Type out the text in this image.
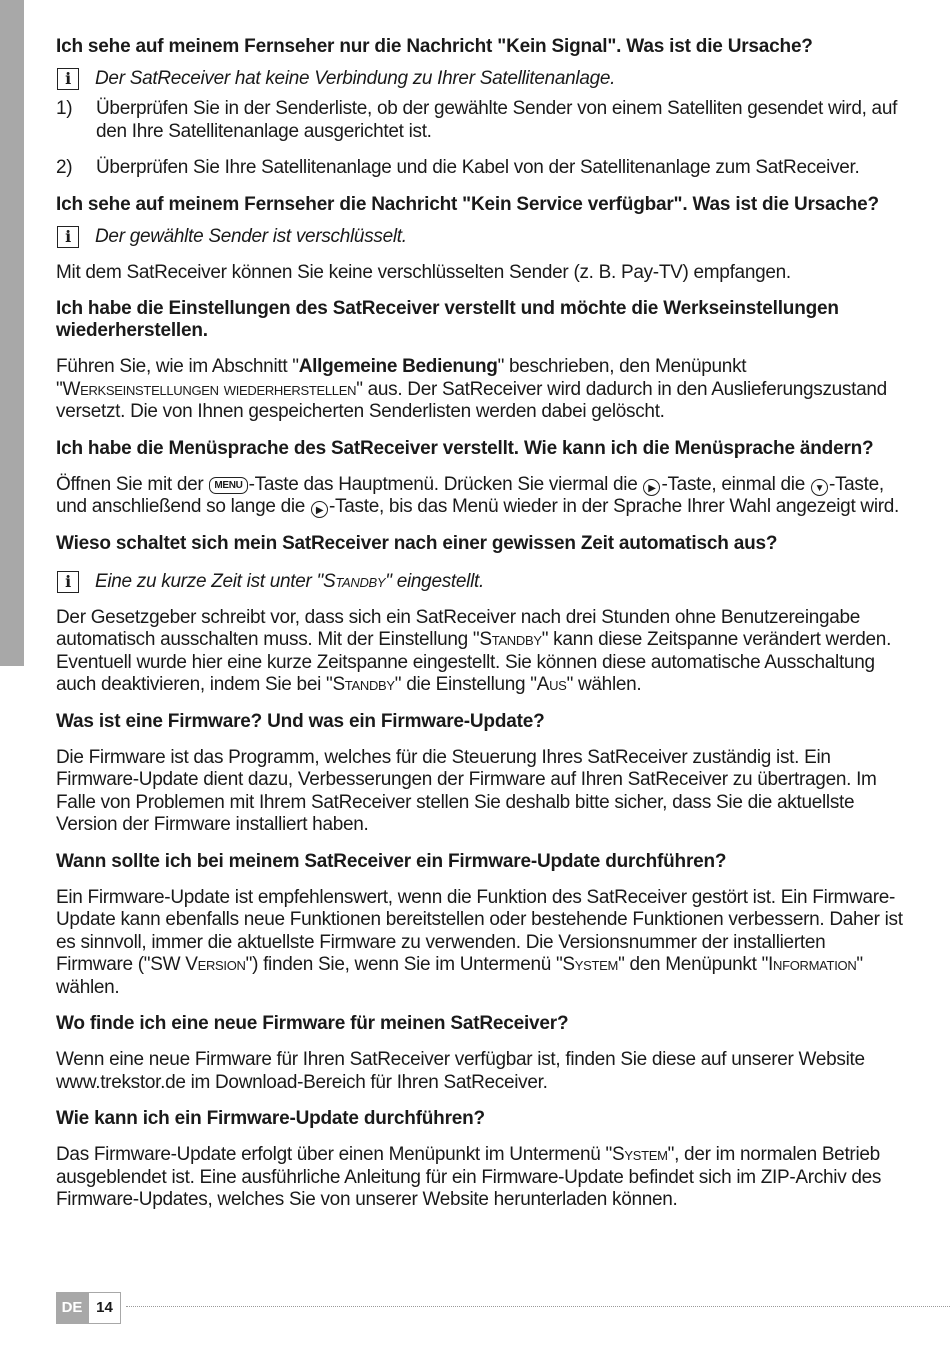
Ich sehe auf meinem Fernseher nur die Nachricht "Kein Signal". Was ist die Ursache?
i	Der SatReceiver hat keine Verbindung zu Ihrer Satellitenanlage.
1)	Überprüfen Sie in der Senderliste, ob der gewählte Sender von einem Satelliten gesendet wird, auf den Ihre Satellitenanlage ausgerichtet ist.
2)	Überprüfen Sie Ihre Satellitenanlage und die Kabel von der Satellitenanlage zum SatReceiver.
Ich sehe auf meinem Fernseher die Nachricht "Kein Service verfügbar". Was ist die Ursache?
i	Der gewählte Sender ist verschlüsselt.

Mit dem SatReceiver können Sie keine verschlüsselten Sender (z. B. Pay-TV) empfangen.

Ich habe die Einstellungen des SatReceiver verstellt und möchte die Werkseinstellungen wiederherstellen.

Führen Sie, wie im Abschnitt "Allgemeine Bedienung" beschrieben, den Menüpunkt "Werkseinstellungen wiederherstellen" aus. Der SatReceiver wird dadurch in den Auslieferungszustand versetzt. Die von Ihnen gespeicherten Senderlisten werden dabei gelöscht.

Ich habe die Menüsprache des SatReceiver verstellt. Wie kann ich die Menüsprache ändern?

Öffnen Sie mit der MENU -Taste das Hauptmenü. Drücken Sie viermal die ▶ -Taste, einmal die ▼ -Taste, und anschließend so lange die ▶ -Taste, bis das Menü wieder in der Sprache Ihrer Wahl angezeigt wird.

Wieso schaltet sich mein SatReceiver nach einer gewissen Zeit automatisch aus?
i	Eine zu kurze Zeit ist unter "Standby" eingestellt.

Der Gesetzgeber schreibt vor, dass sich ein SatReceiver nach drei Stunden ohne Benutzereingabe automatisch ausschalten muss. Mit der Einstellung "Standby" kann diese Zeitspanne verändert werden. Eventuell wurde hier eine kurze Zeitspanne eingestellt. Sie können diese automatische Ausschaltung auch deaktivieren, indem Sie bei "Standby" die Einstellung "Aus" wählen.

Was ist eine Firmware? Und was ein Firmware-Update?

Die Firmware ist das Programm, welches für die Steuerung Ihres SatReceiver zuständig ist. Ein Firmware-Update dient dazu, Verbesserungen der Firmware auf Ihren SatReceiver zu übertragen. Im Falle von Problemen mit Ihrem SatReceiver stellen Sie deshalb bitte sicher, dass Sie die aktuellste Version der Firmware installiert haben.

Wann sollte ich bei meinem SatReceiver ein Firmware-Update durchführen?

Ein Firmware-Update ist empfehlenswert, wenn die Funktion des SatReceiver gestört ist. Ein Firmware-Update kann ebenfalls neue Funktionen bereitstellen oder bestehende Funktionen verbessern. Daher ist es sinnvoll, immer die aktuellste Firmware zu verwenden. Die Versionsnummer der installierten Firmware ("SW Version") finden Sie, wenn Sie im Untermenü "System" den Menüpunkt "Information" wählen.

Wo finde ich eine neue Firmware für meinen SatReceiver?

Wenn eine neue Firmware für Ihren SatReceiver verfügbar ist, finden Sie diese auf unserer Website www.trekstor.de im Download-Bereich für Ihren SatReceiver.

Wie kann ich ein Firmware-Update durchführen?

Das Firmware-Update erfolgt über einen Menüpunkt im Untermenü "System", der im normalen Betrieb ausgeblendet ist. Eine ausführliche Anleitung für ein Firmware-Update befindet sich im ZIP-Archiv des Firmware-Updates, welches Sie von unserer Website herunterladen können.

DE 14
